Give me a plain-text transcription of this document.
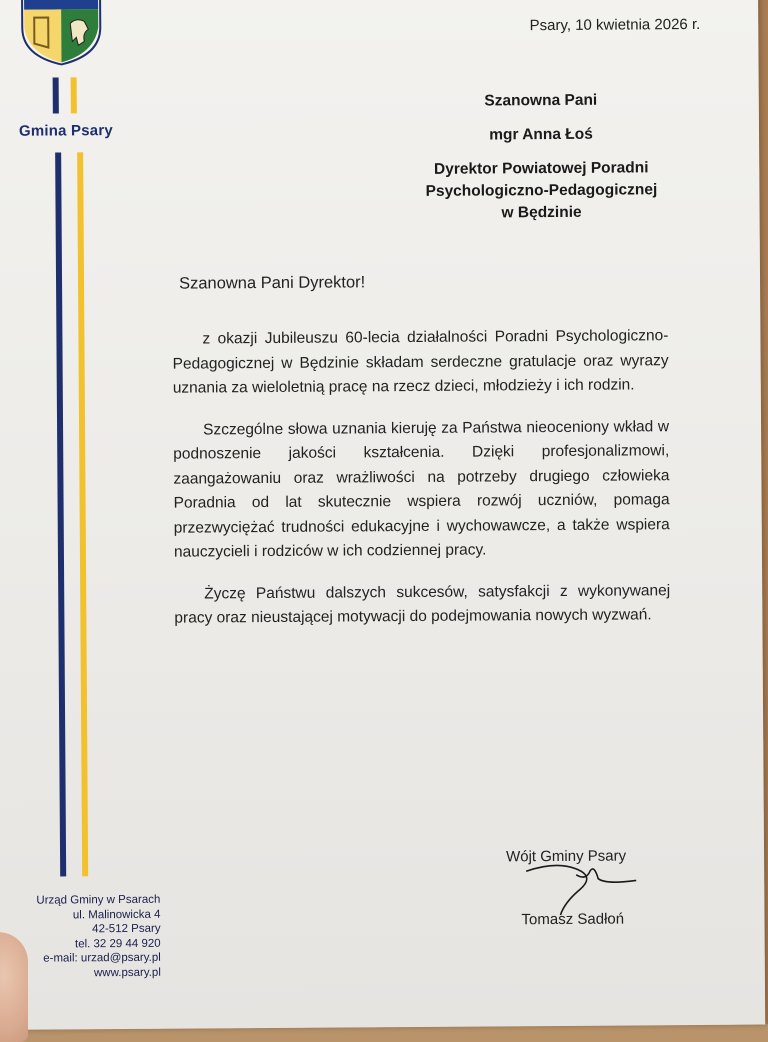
Gmina Psary
Psary, 10 kwietnia 2026 r.
Szanowna Pani
mgr Anna Łoś
Dyrektor Powiatowej Poradni
Psychologiczno-Pedagogicznej
w Będzinie
Szanowna Pani Dyrektor!

z okazji Jubileuszu 60-lecia działalności Poradni Psychologiczno-Pedagogicznej w Będzinie składam serdeczne gratulacje oraz wyrazy uznania za wieloletnią pracę na rzecz dzieci, młodzieży i ich rodzin.

Szczególne słowa uznania kieruję za Państwa nieoceniony wkład w podnoszenie jakości kształcenia. Dzięki profesjonalizmowi, zaangażowaniu oraz wrażliwości na potrzeby drugiego człowieka Poradnia od lat skutecznie wspiera rozwój uczniów, pomaga przezwyciężać trudności edukacyjne i wychowawcze, a także wspiera nauczycieli i rodziców w ich codziennej pracy.

Życzę Państwu dalszych sukcesów, satysfakcji z wykonywanej pracy oraz nieustającej motywacji do podejmowania nowych wyzwań.

Wójt Gminy Psary
Tomasz Sadłoń
Urząd Gminy w Psarach
ul. Malinowicka 4
42-512 Psary
tel. 32 29 44 920
e-mail: urzad@psary.pl
www.psary.pl
